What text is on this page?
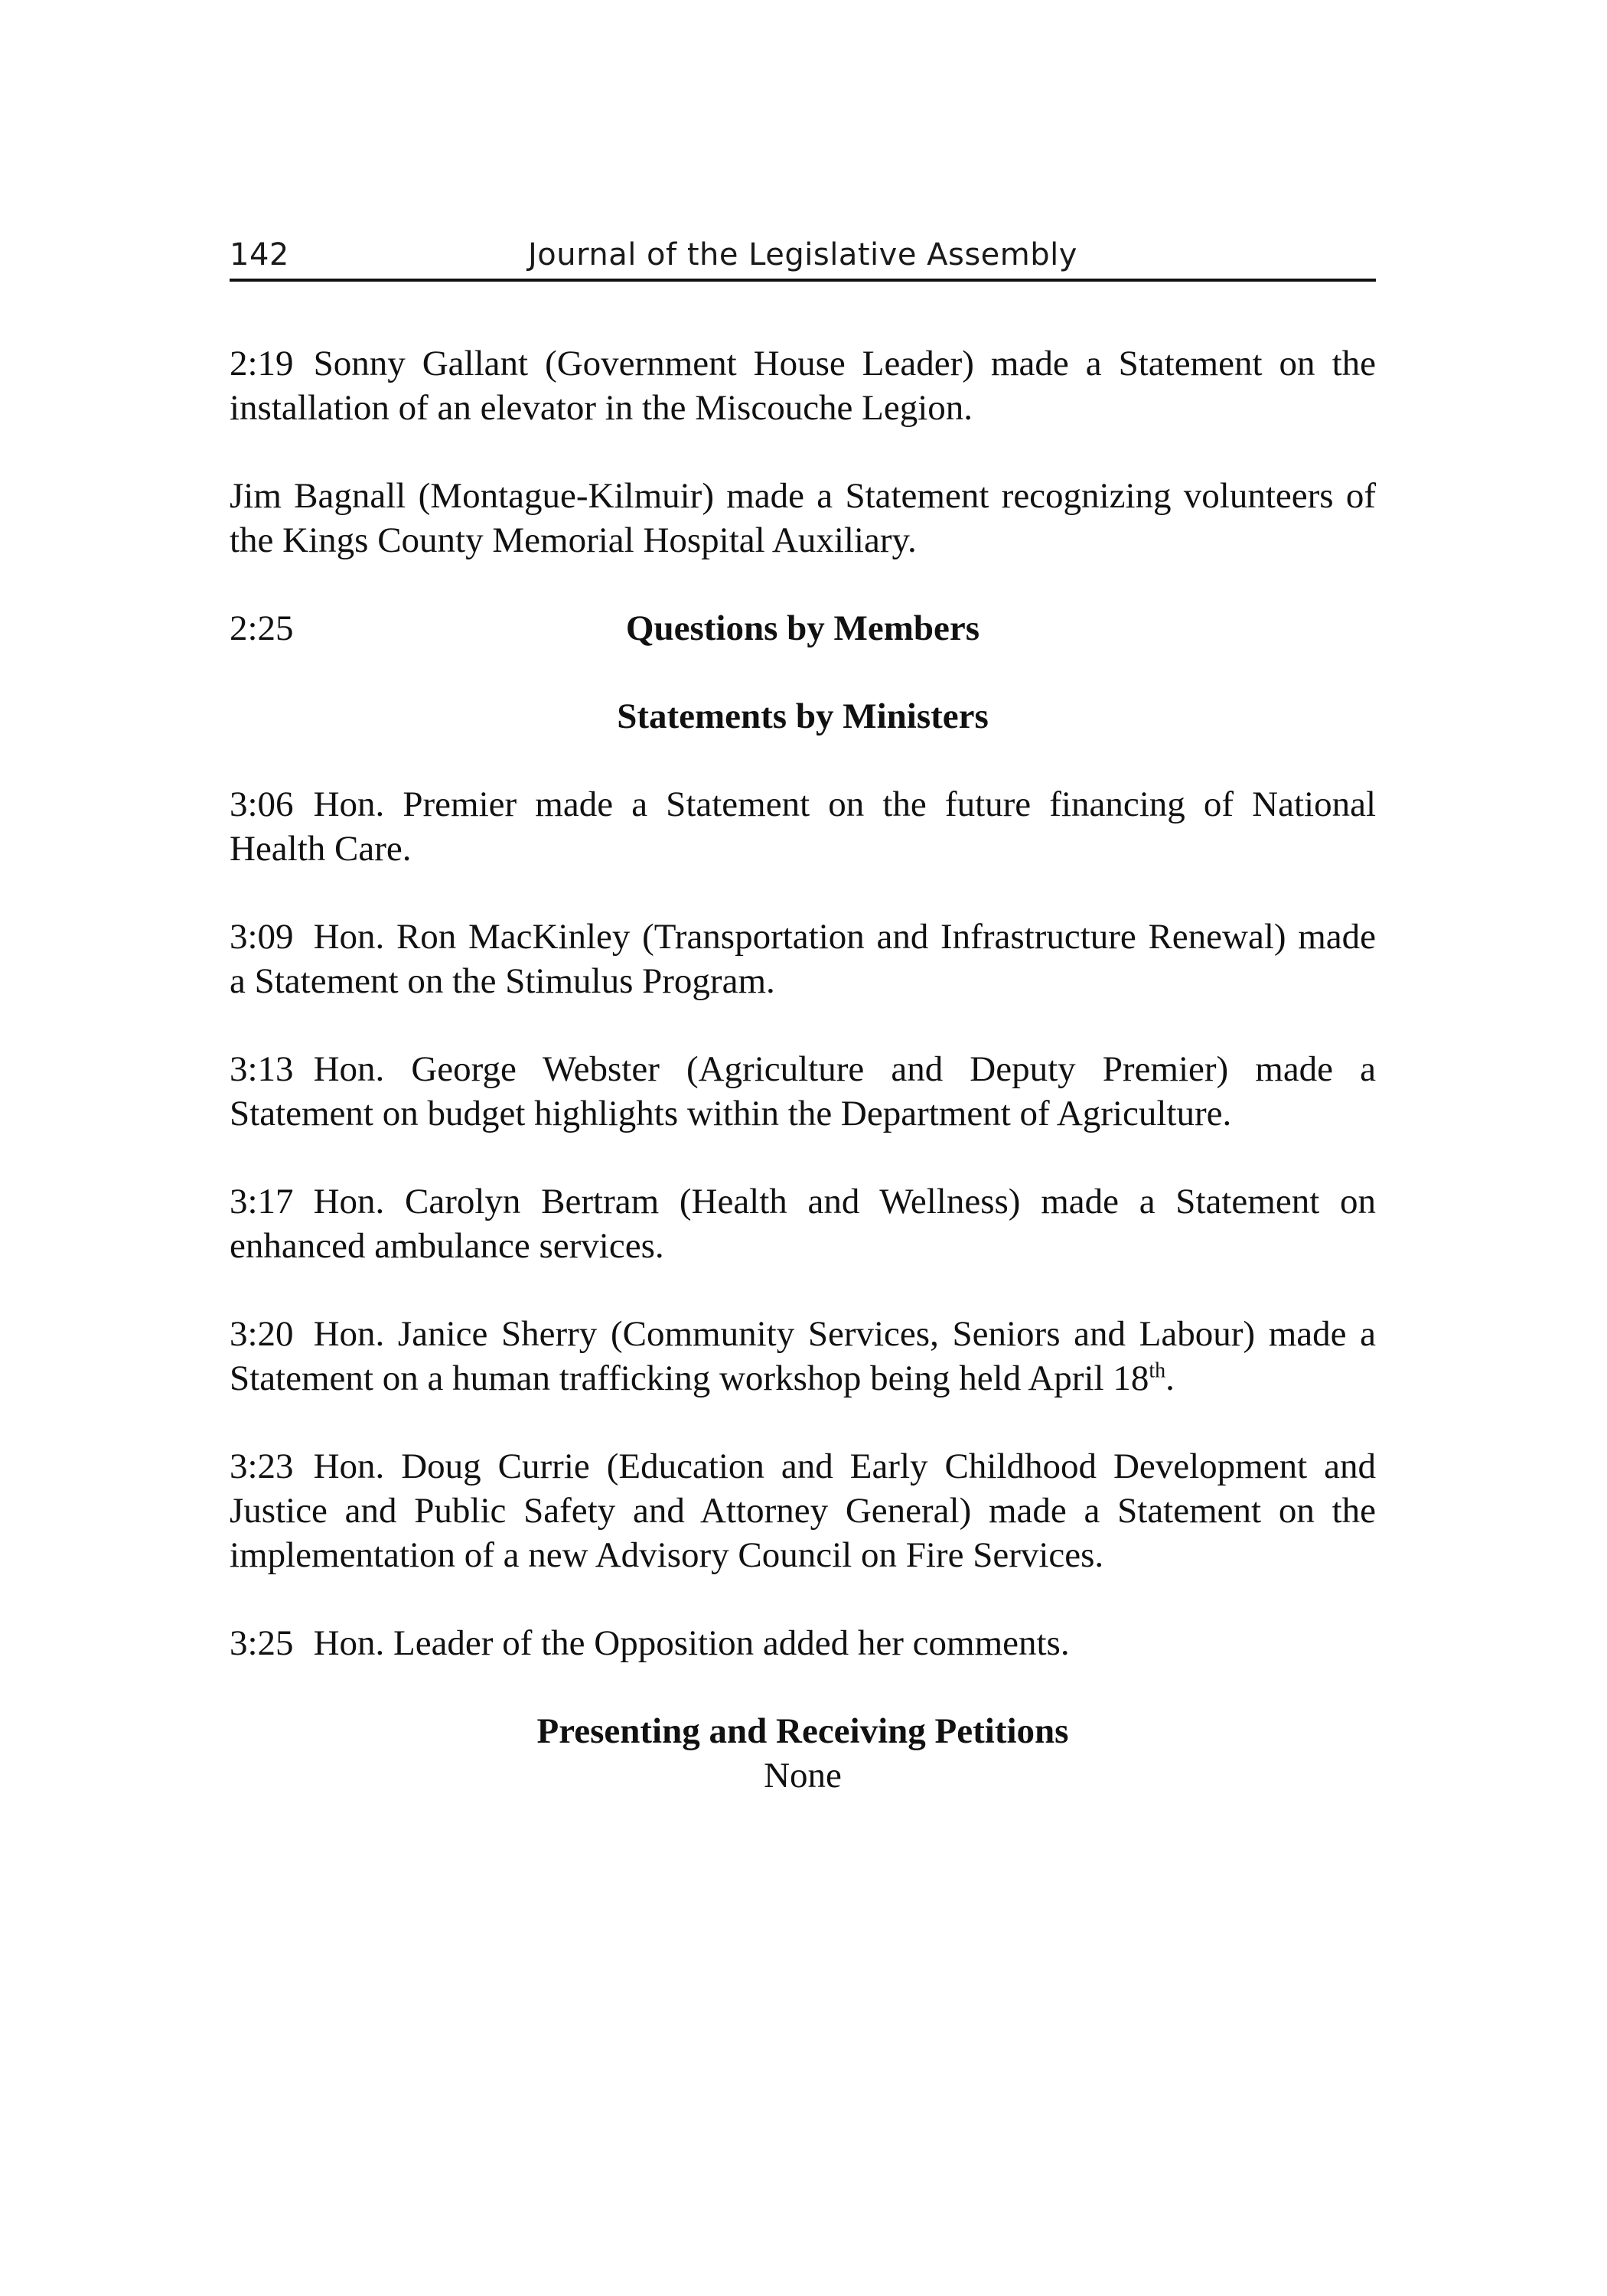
142	Journal of the Legislative Assembly

2:19 Sonny Gallant (Government House Leader) made a Statement on the installation of an elevator in the Miscouche Legion.

Jim Bagnall (Montague-Kilmuir) made a Statement recognizing volunteers of the Kings County Memorial Hospital Auxiliary.

2:25	Questions by Members
Statements by Ministers

3:06 Hon. Premier made a Statement on the future financing of National Health Care.

3:09 Hon. Ron MacKinley (Transportation and Infrastructure Renewal) made a Statement on the Stimulus Program.

3:13 Hon. George Webster (Agriculture and Deputy Premier) made a Statement on budget highlights within the Department of Agriculture.

3:17 Hon. Carolyn Bertram (Health and Wellness) made a Statement on enhanced ambulance services.

3:20 Hon. Janice Sherry (Community Services, Seniors and Labour) made a Statement on a human trafficking workshop being held April 18th.

3:23 Hon. Doug Currie (Education and Early Childhood Development and Justice and Public Safety and Attorney General) made a Statement on the implementation of a new Advisory Council on Fire Services.

3:25 Hon. Leader of the Opposition added her comments.

Presenting and Receiving Petitions
None
